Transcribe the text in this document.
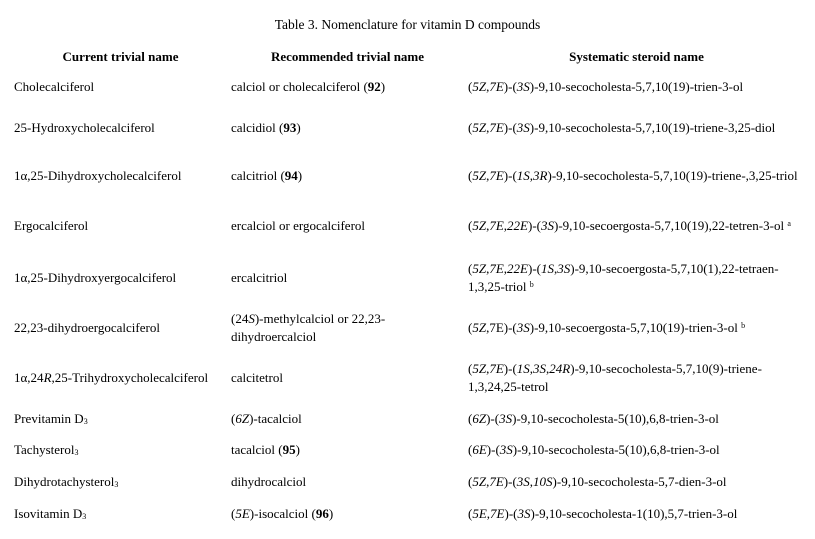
Table 3. Nomenclature for vitamin D compounds
Current trivial name	Recommended trivial name	Systematic steroid name
Cholecalciferol	calciol or cholecalciferol (92)	(5Z,7E)-(3S)-9,10-secocholesta-5,7,10(19)-trien-3-ol
25-Hydroxycholecalciferol	calcidiol (93)	(5Z,7E)-(3S)-9,10-secocholesta-5,7,10(19)-triene-3,25-diol
1α,25-Dihydroxycholecalciferol	calcitriol (94)	(5Z,7E)-(1S,3R)-9,10-secocholesta-5,7,10(19)-triene-,3,25-triol
Ergocalciferol	ercalciol or ergocalciferol	(5Z,7E,22E)-(3S)-9,10-secoergosta-5,7,10(19),22-tetren-3-ol $^a$
1α,25-Dihydroxyergocalciferol	ercalcitriol	(5Z,7E,22E)-(1S,3S)-9,10-secoergosta-5,7,10(1),22-tetraen-1,3,25-triol $^b$
22,23-dihydroergocalciferol	(24S)-methylcalciol or 22,23-dihydroercalciol	(5Z,7E)-(3S)-9,10-secoergosta-5,7,10(19)-trien-3-ol $^b$
1α,24R,25-Trihydroxycholecalciferol	calcitetrol	(5Z,7E)-(1S,3S,24R)-9,10-secocholesta-5,7,10(9)-triene-1,3,24,25-tetrol
Previtamin $D_3$	(6Z)-tacalciol	(6Z)-(3S)-9,10-secocholesta-5(10),6,8-trien-3-ol
Tachysterol$_3$	tacalciol (95)	(6E)-(3S)-9,10-secocholesta-5(10),6,8-trien-3-ol
Dihydrotachysterol$_3$	dihydrocalciol	(5Z,7E)-(3S,10S)-9,10-secocholesta-5,7-dien-3-ol
Isovitamin $D_3$	(5E)-isocalciol (96)	(5E,7E)-(3S)-9,10-secocholesta-1(10),5,7-trien-3-ol
